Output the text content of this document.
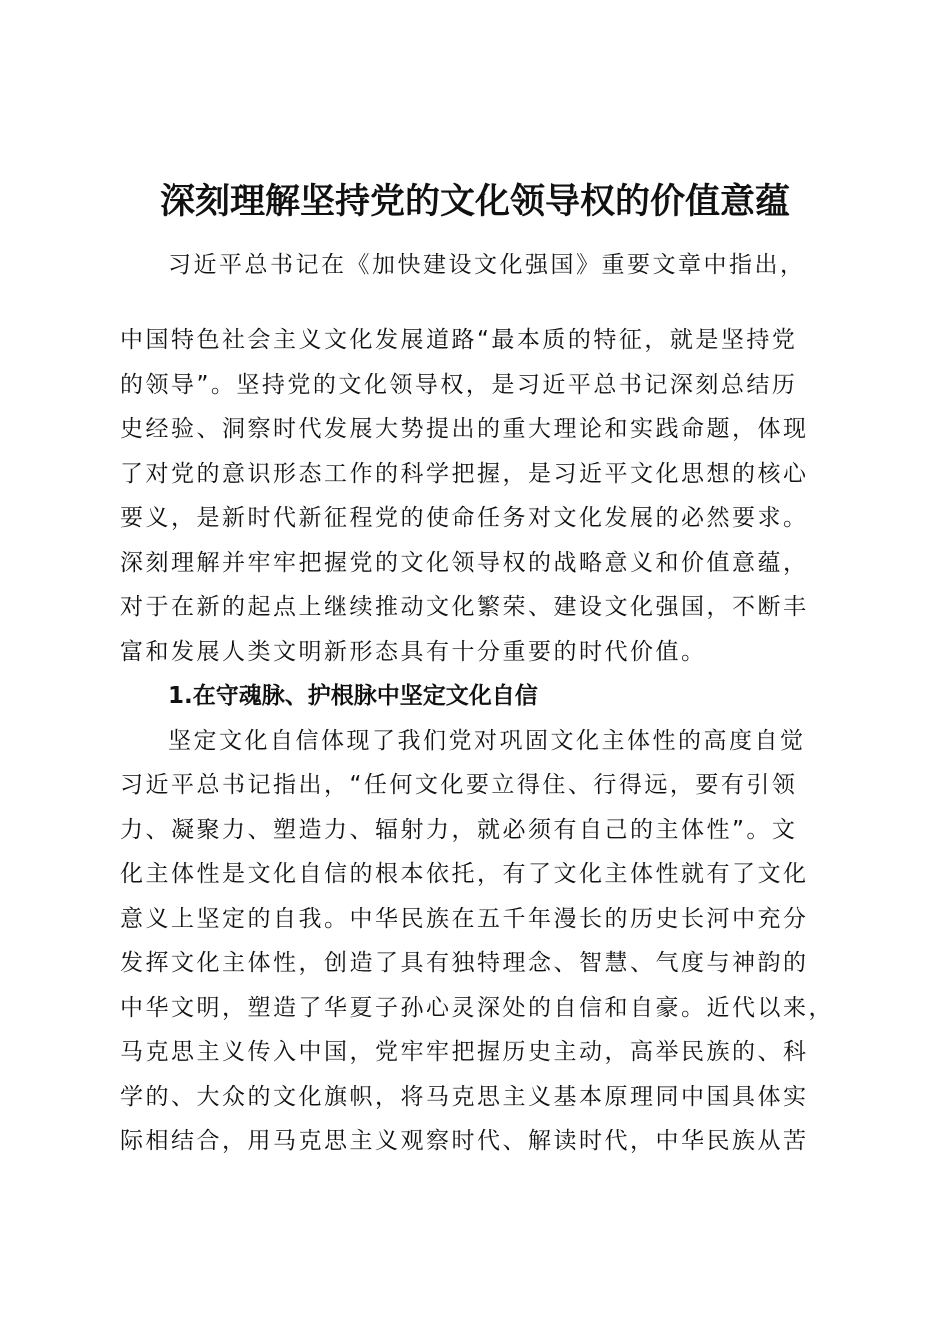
深刻理解坚持党的文化领导权的价值意蕴
习近平总书记在《加快建设文化强国》重要文章中指出，
中国特色社会主义文化发展道路“最本质的特征，就是坚持党
的领导”。坚持党的文化领导权，是习近平总书记深刻总结历
史经验、洞察时代发展大势提出的重大理论和实践命题，体现
了对党的意识形态工作的科学把握，是习近平文化思想的核心
要义，是新时代新征程党的使命任务对文化发展的必然要求。
深刻理解并牢牢把握党的文化领导权的战略意义和价值意蕴，
对于在新的起点上继续推动文化繁荣、建设文化强国，不断丰
富和发展人类文明新形态具有十分重要的时代价值。
1.在守魂脉、护根脉中坚定文化自信
坚定文化自信体现了我们党对巩固文化主体性的高度自觉
习近平总书记指出，“任何文化要立得住、行得远，要有引领
力、凝聚力、塑造力、辐射力，就必须有自己的主体性”。文
化主体性是文化自信的根本依托，有了文化主体性就有了文化
意义上坚定的自我。中华民族在五千年漫长的历史长河中充分
发挥文化主体性，创造了具有独特理念、智慧、气度与神韵的
中华文明，塑造了华夏子孙心灵深处的自信和自豪。近代以来，
马克思主义传入中国，党牢牢把握历史主动，高举民族的、科
学的、大众的文化旗帜，将马克思主义基本原理同中国具体实
际相结合，用马克思主义观察时代、解读时代，中华民族从苦
